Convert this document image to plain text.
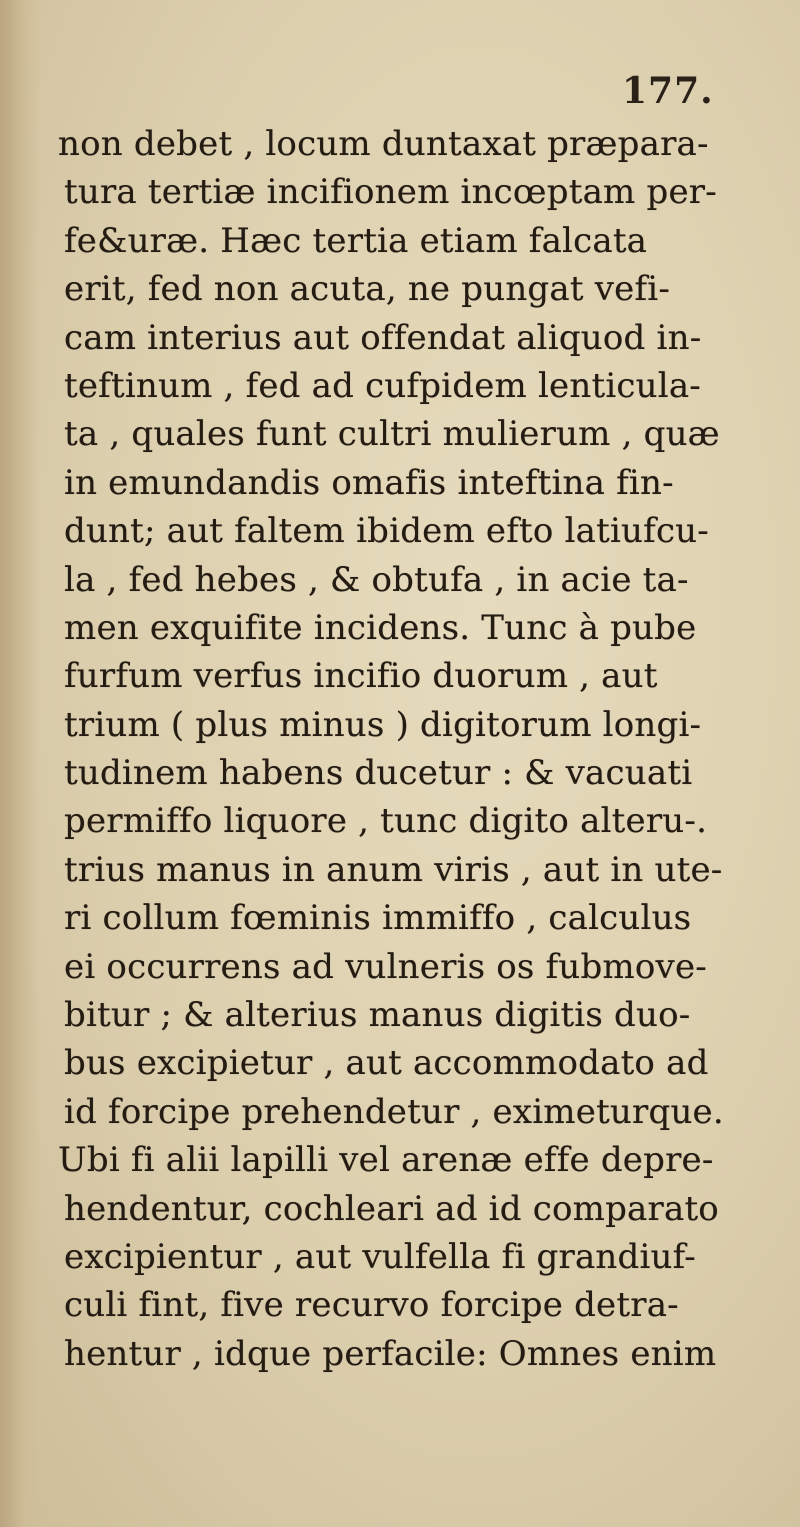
177.
non debet , locum duntaxat præpara-
tura tertiæ incifionem incœptam per-
fe&uræ. Hæc tertia etiam falcata
erit, fed non acuta, ne pungat vefi-
cam interius aut offendat aliquod in-
teftinum , fed ad cufpidem lenticula-
ta , quales funt cultri mulierum , quæ
in emundandis omafis inteftina fin-
dunt; aut faltem ibidem efto latiufcu-
la , fed hebes , & obtufa , in acie ta-
men exquifite incidens. Tunc à pube
furfum verfus incifio duorum , aut
trium ( plus minus ) digitorum longi-
tudinem habens ducetur : & vacuati
permiffo liquore , tunc digito alteru-.
trius manus in anum viris , aut in ute-
ri collum fœminis immiffo , calculus
ei occurrens ad vulneris os fubmove-
bitur ; & alterius manus digitis duo-
bus excipietur , aut accommodato ad
id forcipe prehendetur , eximeturque.
Ubi fi alii lapilli vel arenæ effe depre-
hendentur, cochleari ad id comparato
excipientur , aut vulfella fi grandiuf-
culi fint, five recurvo forcipe detra-
hentur , idque perfacile: Omnes enim
